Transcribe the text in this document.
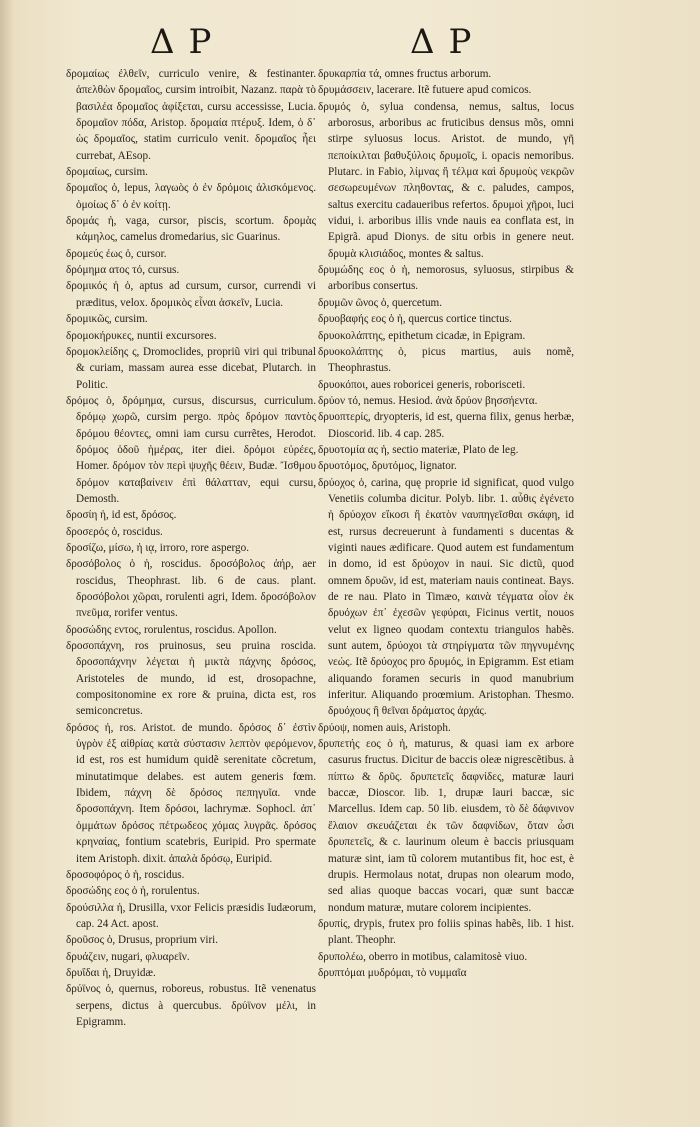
ΔΡ	ΔΡ

δρομαίως ἐλθεῖν, curriculo venire, & festinanter. ἀπελθὼν δρομαῖος, cursim introibit, Nazanz. παρὰ τὸ βασιλέα δρομαῖος ἀφίξεται, cursu accessisse, Lucia. δρομαῖον πόδα, Aristop. δρομαία πτέρυξ. Idem, ὁ δ᾽ ὡς δρομαῖος, statim curriculo venit. δρομαῖος ἦει currebat, AEsop.

δρομαίως, cursim.

δρομαῖος ὁ, lepus, λαγωὸς ὁ ἐν δρόμοις ἁλισκόμενος. ὁμοίως δ᾽ ὁ ἐν κοίτῃ.

δρομάς ἡ, vaga, cursor, piscis, scortum. δρομὰς κάμηλος, camelus dromedarius, sic Guarinus.

δρομεύς έως ὁ, cursor.

δρόμημα ατος τό, cursus.

δρομικός ἡ ὁ, aptus ad cursum, cursor, currendi vi præditus, velox. δρομικὸς εἶναι ἀσκεῖν, Lucia.

δρομικῶς, cursim.

δρομοκήρυκες, nuntii excursores.

δρομοκλείδης ς, Dromoclides, propriũ viri qui tribunal & curiam, massam aurea esse dicebat, Plutarch. in Politic.

δρόμος ὁ, δρόμημα, cursus, discursus, curriculum. δρόμῳ χωρῶ, cursim pergo. πρὸς δρόμον παντὸς δρόμου θέοντες, omni iam cursu currẽtes, Herodot. δρόμος ὁδοῦ ἡμέρας, iter diei. δρόμοι εὐρέες, Homer. δρόμον τὸν περὶ ψυχῆς θέειν, Budæ. Ἴσθμου δρόμον καταβαίνειν ἐπὶ θάλατταν, equi cursu, Demosth.

δροσίη ἡ, id est, δρόσος.

δροσερός ὁ, roscidus.

δροσίζω, μίσω, ἡ ιᾳ, irroro, rore aspergo.

δροσόβολος ὁ ἡ, roscidus. δροσόβολος ἀήρ, aer roscidus, Theophrast. lib. 6 de caus. plant. δροσόβολοι χῶραι, rorulenti agri, Idem. δροσόβολον πνεῦμα, rorifer ventus.

δροσώδης εντος, rorulentus, roscidus. Apollon.

δροσοπάχνη, ros pruinosus, seu pruina roscida. δροσοπάχνην λέγεται ἡ μικτὰ πάχνης δρόσος, Aristoteles de mundo, id est, drosopachne, compositonomine ex rore & pruina, dicta est, ros semiconcretus.

δρόσος ἡ, ros. Aristot. de mundo. δρόσος δ᾽ ἐστὶν ὑγρὸν ἐξ αἰθρίας κατὰ σύστασιν λεπτὸν φερόμενον, id est, ros est humidum quidẽ serenitate cõcretum, minutatimque delabes. est autem generis fœm. Ibidem, πάχνη δὲ δρόσος πεπηγυῖα. vnde δροσοπάχνη. Item δρόσοι, lachrymæ. Sophocl. ἀπ᾽ ὀμμάτων δρόσος πέτρωδεος χόμας λυγρᾶς. δρόσος κρηναίας, fontium scatebris, Euripid. Pro spermate item Aristoph. dixit. ἁπαλὰ δρόσῳ, Euripid.

δροσοφόρος ὁ ἡ, roscidus.

δροσώδης εος ὁ ἡ, rorulentus.

δρούσιλλα ἡ, Drusilla, vxor Felicis præsidis Iudæorum, cap. 24 Act. apost.

δροῦσος ὁ, Drusus, proprium viri.

δρυάζειν, nugari, φλυαρεῖν.

δρυΐδαι ἡ, Druyidæ.

δρύϊνος ὁ, quernus, roboreus, robustus. Itẽ venenatus serpens, dictus à quercubus. δρύϊνον μέλι, in Epigramm.

δρυκαρπία τά, omnes fructus arborum.

δρυμάσσειν, lacerare. Itẽ futuere apud comicos.

δρυμός ὁ, sylua condensa, nemus, saltus, locus arborosus, arboribus ac fruticibus densus mõs, omni stirpe syluosus locus. Aristot. de mundo, γῆ πεποίκιλται βαθυξύλοις δρυμοῖς, i. opacis nemoribus. Plutarc. in Fabio, λίμνας ἢ τέλμα καὶ δρυμοὺς νεκρῶν σεσωρευμένων πληθοντας, & c. paludes, campos, saltus exercitu cadaueribus refertos. δρυμοὶ χῆροι, luci vidui, i. arboribus illis vnde nauis ea conflata est, in Epigrã. apud Dionys. de situ orbis in genere neut. δρυμὰ κλισιάδος, montes & saltus.

δρυμώδης εος ὁ ἡ, nemorosus, syluosus, stirpibus & arboribus consertus.

δρυμῶν ῶνος ὁ, quercetum.

δρυοβαφής εος ὁ ἡ, quercus cortice tinctus.

δρυοκολάπτης, epithetum cicadæ, in Epigram.

δρυοκολάπτης ὁ, picus martius, auis nomẽ, Theophrastus.

δρυοκόποι, aues roboricei generis, roborisceti.

δρύον τό, nemus. Hesiod. ἀνὰ δρύον βησσήεντα.

δρυοπτερίς, dryopteris, id est, querna filix, genus herbæ, Dioscorid. lib. 4 cap. 285.

δρυοτομία ας ἡ, sectio materiæ, Plato de leg.

δρυοτόμος, δρυτόμος, lignator.

δρύοχος ὁ, carina, quę proprie id significat, quod vulgo Venetiis columba dicitur. Polyb. libr. 1. αὖθις ἐγένετο ἡ δρύοχον εἴκοσι ἢ ἑκατὸν ναυπηγεῖσθαι σκάφη, id est, rursus decreuerunt à fundamenti s ducentas & viginti naues ædificare. Quod autem est fundamentum in domo, id est δρύοχον in naui. Sic dictũ, quod omnem δρυῶν, id est, materiam nauis contineat. Bays. de re nau. Plato in Timæo, καινὰ τέγματα οἷον ἐκ δρυόχων ἐπ᾽ ἐχεσῶν γεφύραι, Ficinus vertit, nouos velut ex ligneo quodam contextu triangulos habẽs. sunt autem, δρύοχοι τὰ στηρίγματα τῶν πηγνυμένης νεώς. Itẽ δρύοχος pro δρυμός, in Epigramm. Est etiam aliquando foramen securis in quod manubrium inferitur. Aliquando proœmium. Aristophan. Thesmo. δρυόχους ἢ θεῖναι δράματος ἀρχάς.

δρύοψ, nomen auis, Aristoph.

δρυπετής εος ὁ ἡ, maturus, & quasi iam ex arbore casurus fructus. Dicitur de baccis oleæ nigrescẽtibus. à πίπτω & δρῦς. δρυπετεῖς δαφνίδες, maturæ lauri baccæ, Dioscor. lib. 1, drupæ lauri baccæ, sic Marcellus. Idem cap. 50 lib. eiusdem, τὸ δὲ δάφνινον ἔλαιον σκευάζεται ἐκ τῶν δαφνίδων, ὅταν ὦσι δρυπετεῖς, & c. laurinum oleum è baccis priusquam maturæ sint, iam tũ colorem mutantibus fit, hoc est, è drupis. Hermolaus notat, drupas non olearum modo, sed alias quoque baccas vocari, quæ sunt baccæ nondum maturæ, mutare colorem incipientes.

δρυπίς, drypis, frutex pro foliis spinas habẽs, lib. 1 hist. plant. Theophr.

δρυπολέω, oberro in motibus, calamitosè viuo.

δρυπτόμαι μυδρόμαι, τὸ νυμμαῖα
